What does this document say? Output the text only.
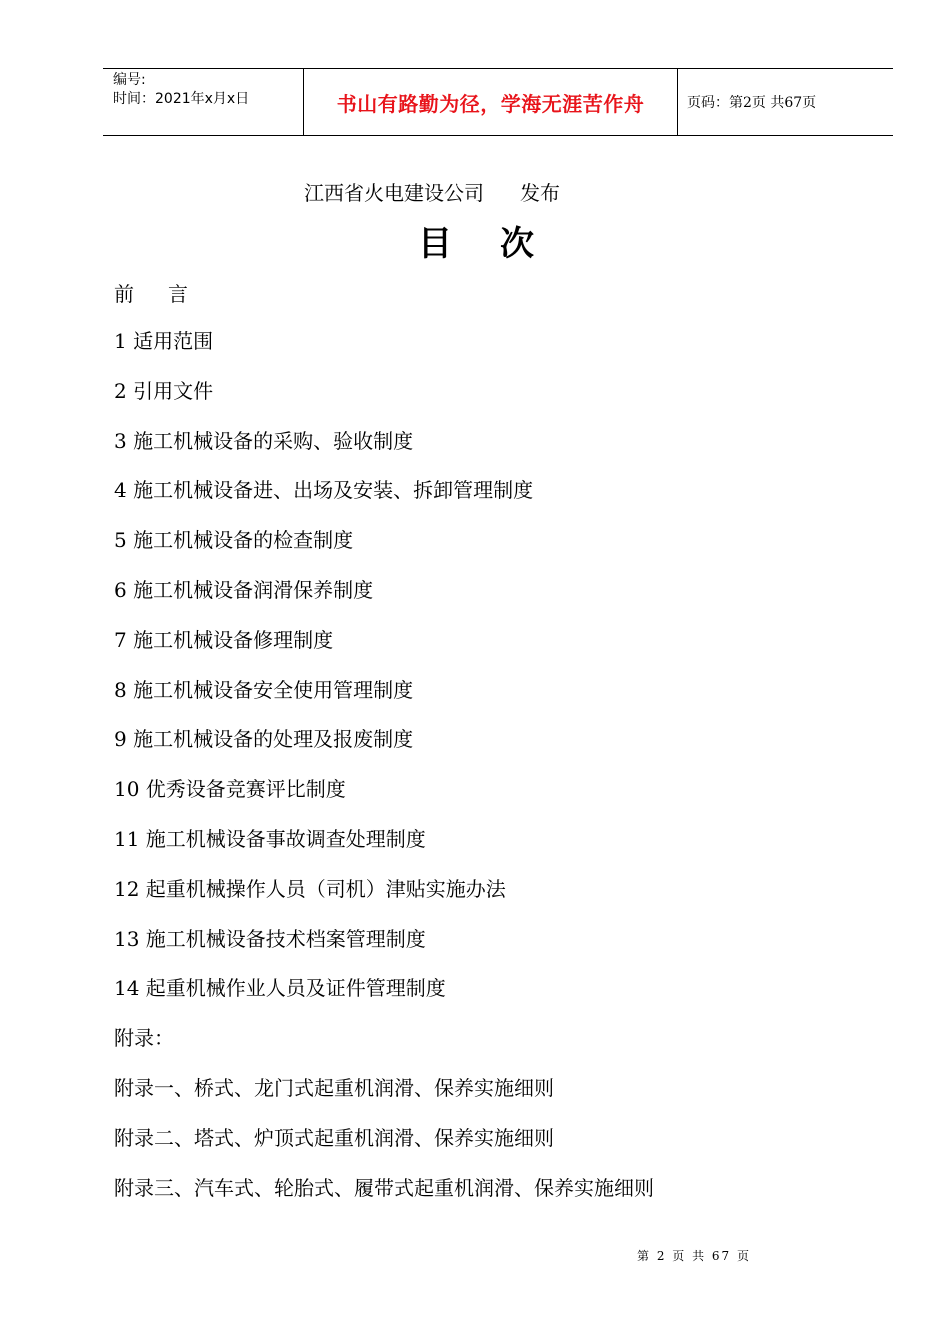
编号:
时间：2021年x月x日	书山有路勤为径，学海无涯苦作舟	页码：第2页 共67页
江西省火电建设公司 发布
目次
前言
1 适用范围
2 引用文件
3 施工机械设备的采购、验收制度
4 施工机械设备进、出场及安装、拆卸管理制度
5 施工机械设备的检查制度
6 施工机械设备润滑保养制度
7 施工机械设备修理制度
8 施工机械设备安全使用管理制度
9 施工机械设备的处理及报废制度
10 优秀设备竞赛评比制度
11 施工机械设备事故调查处理制度
12 起重机械操作人员（司机）津贴实施办法
13 施工机械设备技术档案管理制度
14 起重机械作业人员及证件管理制度
附录：
附录一、桥式、龙门式起重机润滑、保养实施细则
附录二、塔式、炉顶式起重机润滑、保养实施细则
附录三、汽车式、轮胎式、履带式起重机润滑、保养实施细则
第 2 页 共 67 页
